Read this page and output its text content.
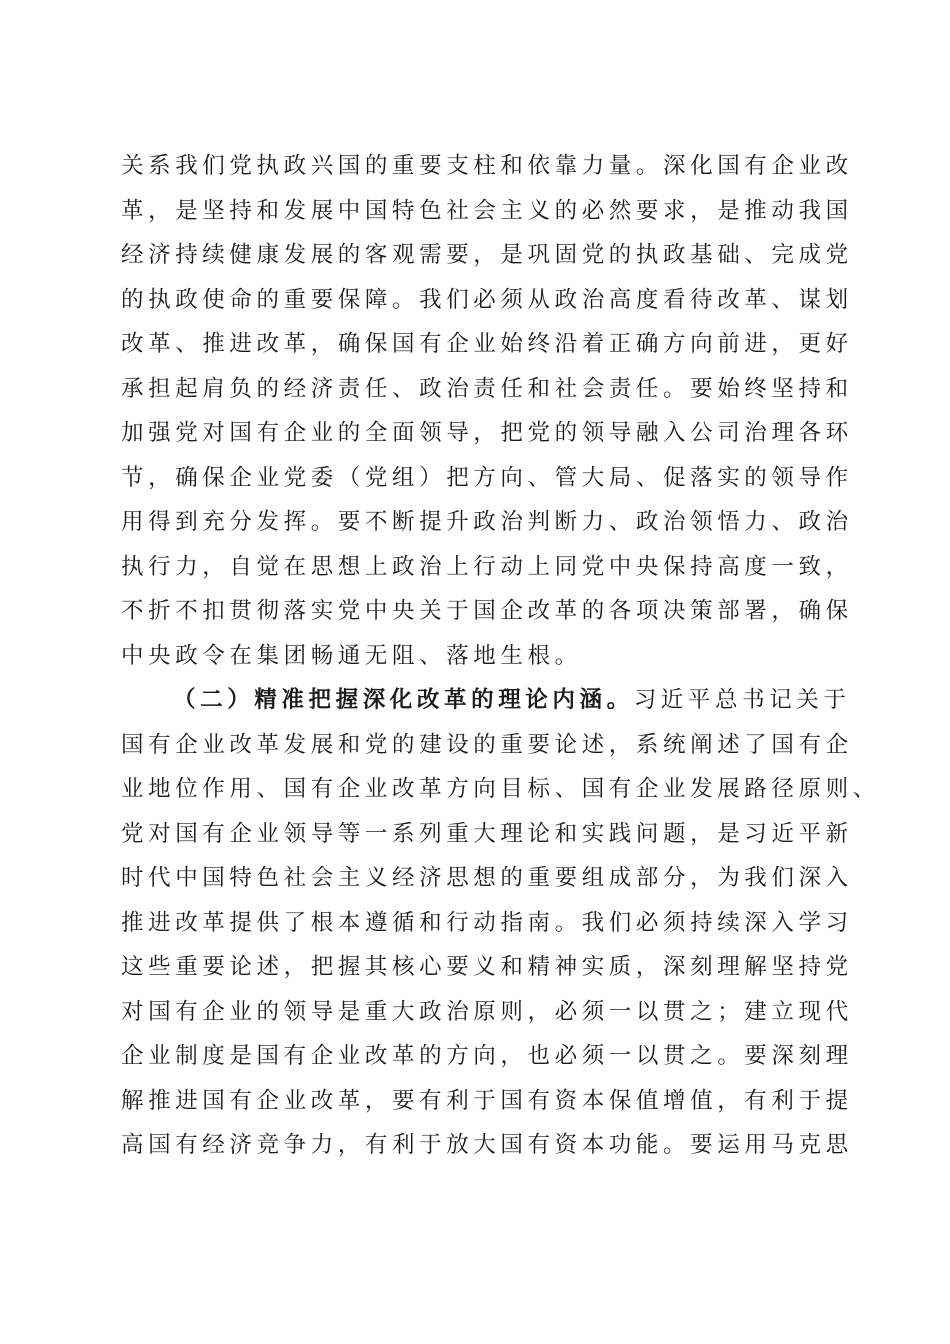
关系我们党执政兴国的重要支柱和依靠力量。深化国有企业改
革，是坚持和发展中国特色社会主义的必然要求，是推动我国
经济持续健康发展的客观需要，是巩固党的执政基础、完成党
的执政使命的重要保障。我们必须从政治高度看待改革、谋划
改革、推进改革，确保国有企业始终沿着正确方向前进，更好
承担起肩负的经济责任、政治责任和社会责任。要始终坚持和
加强党对国有企业的全面领导，把党的领导融入公司治理各环
节，确保企业党委（党组）把方向、管大局、促落实的领导作
用得到充分发挥。要不断提升政治判断力、政治领悟力、政治
执行力，自觉在思想上政治上行动上同党中央保持高度一致，
不折不扣贯彻落实党中央关于国企改革的各项决策部署，确保
中央政令在集团畅通无阻、落地生根。
（二）精准把握深化改革的理论内涵。习近平总书记关于
国有企业改革发展和党的建设的重要论述，系统阐述了国有企
业地位作用、国有企业改革方向目标、国有企业发展路径原则、
党对国有企业领导等一系列重大理论和实践问题，是习近平新
时代中国特色社会主义经济思想的重要组成部分，为我们深入
推进改革提供了根本遵循和行动指南。我们必须持续深入学习
这些重要论述，把握其核心要义和精神实质，深刻理解坚持党
对国有企业的领导是重大政治原则，必须一以贯之；建立现代
企业制度是国有企业改革的方向，也必须一以贯之。要深刻理
解推进国有企业改革，要有利于国有资本保值增值，有利于提
高国有经济竞争力，有利于放大国有资本功能。要运用马克思
